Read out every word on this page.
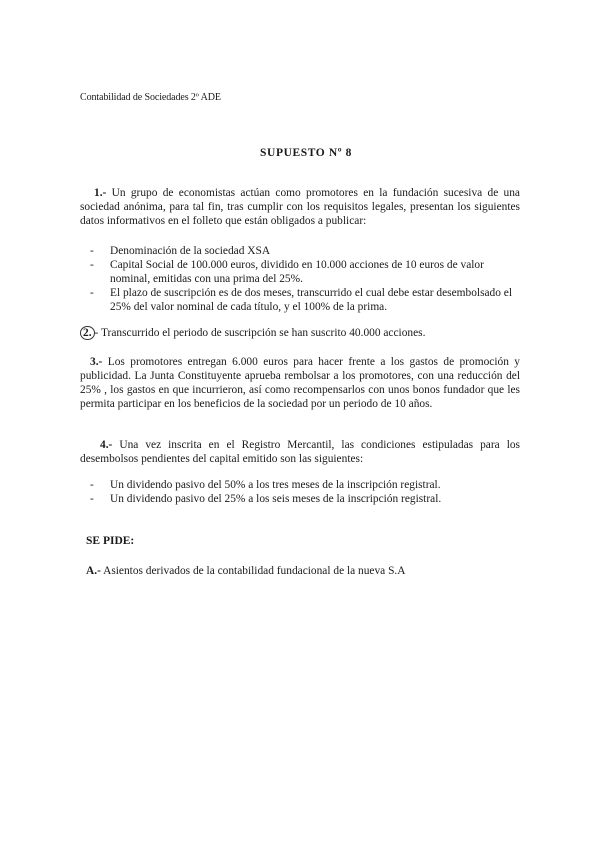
Contabilidad de Sociedades 2º ADE
SUPUESTO Nº 8
1.- Un grupo de economistas actúan como promotores en la fundación sucesiva de una sociedad anónima, para tal fin, tras cumplir con los requisitos legales, presentan los siguientes datos informativos en el folleto que están obligados a publicar:
- Denominación de la sociedad XSA
- Capital Social de 100.000 euros, dividido en 10.000 acciones de 10 euros de valor nominal, emitidas con una prima del 25%.
- El plazo de suscripción es de dos meses, transcurrido el cual debe estar desembolsado el 25% del valor nominal de cada título, y el 100% de la prima.
2. - Transcurrido el periodo de suscripción se han suscrito 40.000 acciones.
3.- Los promotores entregan 6.000 euros para hacer frente a los gastos de promoción y publicidad. La Junta Constituyente aprueba rembolsar a los promotores, con una reducción del 25% , los gastos en que incurrieron, así como recompensarlos con unos bonos fundador que les permita participar en los beneficios de la sociedad por un periodo de 10 años.
4.- Una vez inscrita en el Registro Mercantil, las condiciones estipuladas para los desembolsos pendientes del capital emitido son las siguientes:
- Un dividendo pasivo del 50% a los tres meses de la inscripción registral.
- Un dividendo pasivo del 25% a los seis meses de la inscripción registral.
SE PIDE:
A.- Asientos derivados de la contabilidad fundacional de la nueva S.A
